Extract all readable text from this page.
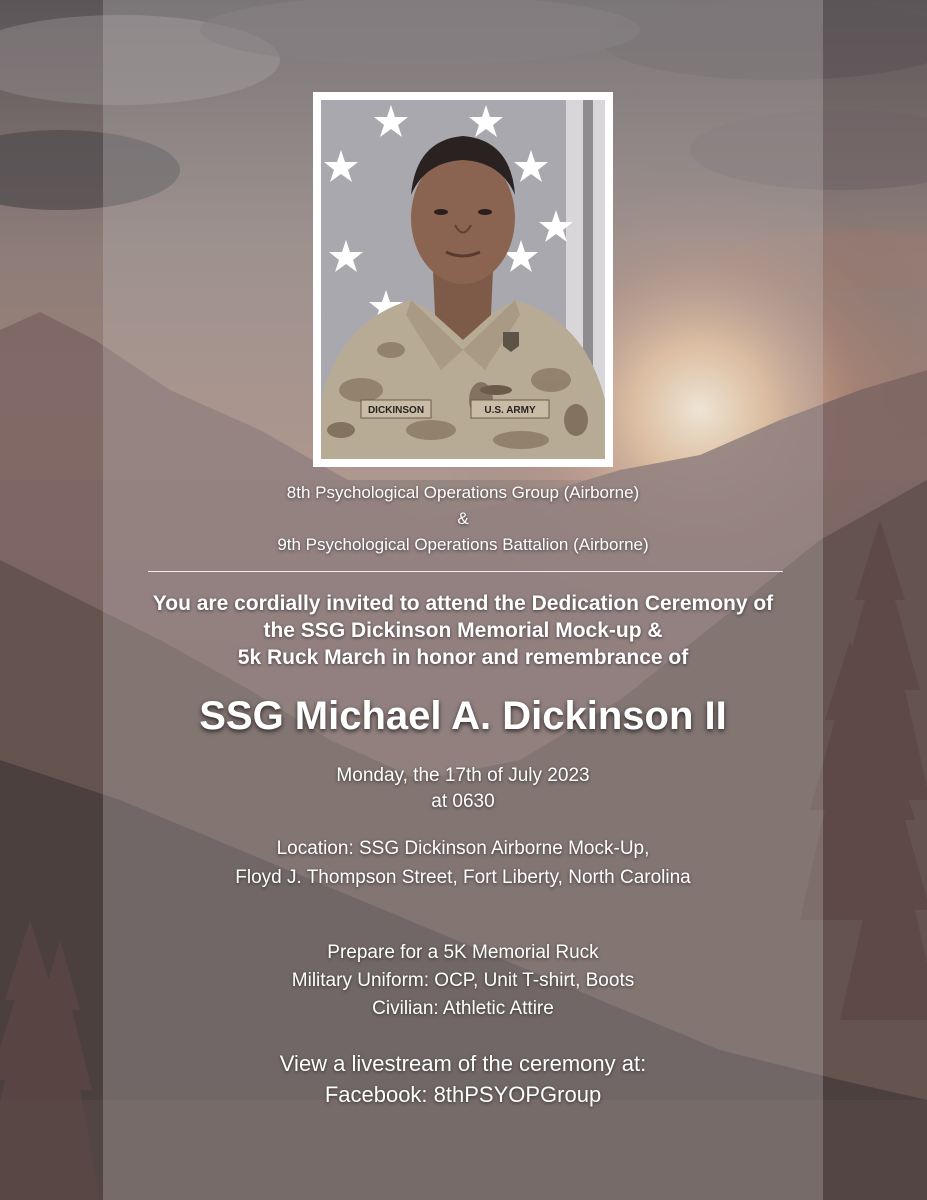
DICKINSON	U.S. ARMY
8th Psychological Operations Group (Airborne)
&
9th Psychological Operations Battalion (Airborne)
You are cordially invited to attend the Dedication Ceremony of
the SSG Dickinson Memorial Mock-up &
5k Ruck March in honor and remembrance of
SSG Michael A. Dickinson II
Monday, the 17th of July 2023
at 0630
Location: SSG Dickinson Airborne Mock-Up,
Floyd J. Thompson Street, Fort Liberty, North Carolina
Prepare for a 5K Memorial Ruck
Military Uniform: OCP, Unit T-shirt, Boots
Civilian: Athletic Attire
View a livestream of the ceremony at:
Facebook: 8thPSYOPGroup
